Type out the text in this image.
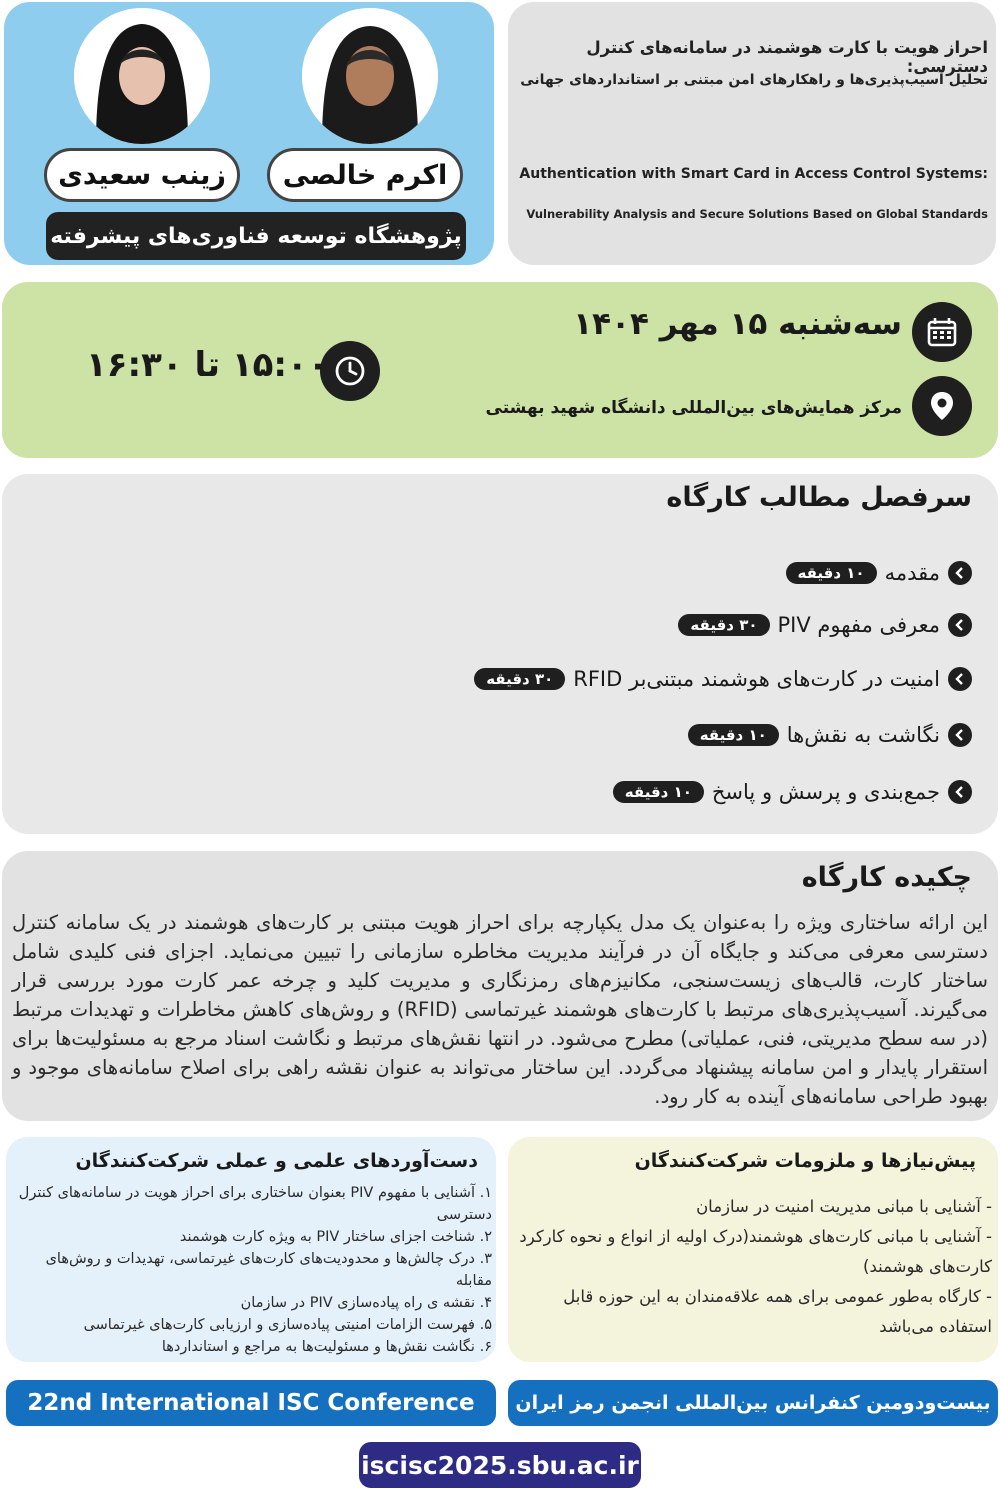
اکرم خالصی
زینب سعیدی
پژوهشگاه توسعه فناوری‌های پیشرفته
احراز هویت با کارت هوشمند در سامانه‌های کنترل دسترسی:
تحلیل آسیب‌پذیری‌ها و راهکارهای امن مبتنی بر استانداردهای جهانی
Authentication with Smart Card in Access Control Systems:
Vulnerability Analysis and Secure Solutions Based on Global Standards
سه‌شنبه ۱۵ مهر ۱۴۰۴
مرکز همایش‌های بین‌المللی دانشگاه شهید بهشتی
۱۵:۰۰ تا ۱۶:۳۰
سرفصل مطالب کارگاه
مقدمه
۱۰ دقیقه
معرفی مفهوم PIV
۳۰ دقیقه
امنیت در کارت‌های هوشمند مبتنی‌بر RFID
۳۰ دقیقه
نگاشت به نقش‌ها
۱۰ دقیقه
جمع‌بندی و پرسش و پاسخ
۱۰ دقیقه
چکیده کارگاه
این ارائه ساختاری ویژه را به‌عنوان یک مدل یکپارچه برای احراز هویت مبتنی بر کارت‌های هوشمند در یک سامانه کنترل دسترسی معرفی می‌کند و جایگاه آن در فرآیند مدیریت مخاطره سازمانی را تبیین می‌نماید. اجزای فنی کلیدی شامل ساختار کارت، قالب‌های زیست‌سنجی، مکانیزم‌های رمزنگاری و مدیریت کلید و چرخه عمر کارت مورد بررسی قرار می‌گیرند. آسیب‌پذیری‌های مرتبط با کارت‌های هوشمند غیرتماسی (RFID) و روش‌های کاهش مخاطرات و تهدیدات مرتبط (در سه سطح مدیریتی، فنی، عملیاتی) مطرح می‌شود. در انتها نقش‌های مرتبط و نگاشت اسناد مرجع به مسئولیت‌ها برای استقرار پایدار و امن سامانه‌ پیشنهاد می‌گردد. این ساختار می‌تواند به عنوان نقشه راهی برای اصلاح سامانه‌های موجود و بهبود طراحی سامانه‌های آینده به کار رود.
دست‌آوردهای علمی و عملی شرکت‌کنندگان
۱. آشنایی با مفهوم PIV بعنوان ساختاری برای احراز هویت در سامانه‌های کنترل دسترسی
۲. شناخت اجزای ساختار PIV به ویژه کارت هوشمند
۳. درک چالش‌ها و محدودیت‌های کارت‌های غیرتماسی، تهدیدات و روش‌های مقابله
۴. نقشه ی راه پیاده‌سازی PIV در سازمان
۵. فهرست الزامات امنیتی پیاده‌سازی و ارزیابی کارت‌های غیرتماسی
۶. نگاشت نقش‌ها و مسئولیت‌ها به مراجع و استانداردها
پیش‌نیازها و ملزومات شرکت‌کنندگان
- آشنایی با مبانی مدیریت امنیت در سازمان
- آشنایی با مبانی کارت‌های هوشمند(درک اولیه از انواع و نحوه کارکرد کارت‌های هوشمند)
- کارگاه به‌طور عمومی برای همه علاقه‌مندان به این حوزه قابل استفاده می‌باشد
22nd International ISC Conference	بیست‌ودومین کنفرانس بین‌المللی انجمن رمز ایران
iscisc2025.sbu.ac.ir
